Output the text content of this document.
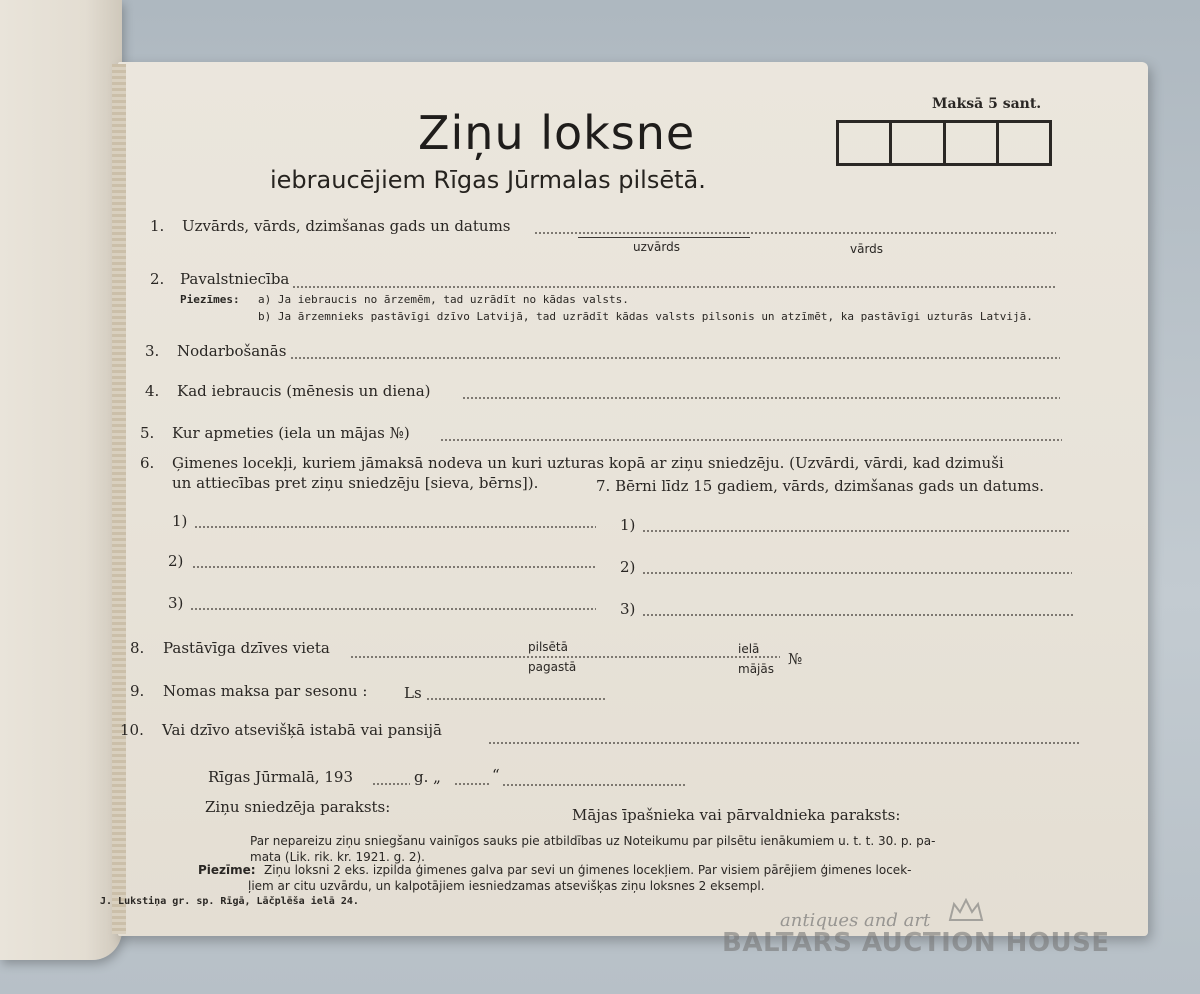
Maksā 5 sant.
Ziņu loksne
iebraucējiem Rīgas Jūrmalas pilsētā.
1. Uzvārds, vārds, dzimšanas gads un datums
uzvārds	vārds
2. Pavalstniecība
Piezīmes: a) Ja iebraucis no ārzemēm, tad uzrādīt no kādas valsts.
b) Ja ārzemnieks pastāvīgi dzīvo Latvijā, tad uzrādīt kādas valsts pilsonis un atzīmēt, ka pastāvīgi uzturās Latvijā.
3. Nodarbošanās
4. Kad iebraucis (mēnesis un diena)
5. Kur apmeties (iela un mājas №)
6. Ģimenes locekļi, kuriem jāmaksā nodeva un kuri uzturas kopā ar ziņu sniedzēju. (Uzvārdi, vārdi, kad dzimuši
un attiecības pret ziņu sniedzēju [sieva, bērns]).	7. Bērni līdz 15 gadiem, vārds, dzimšanas gads un datums.
1)
2)
3)
1)
2)
3)
8. Pastāvīga dzīves vieta	pilsētā
pagastā
ielā
mājās
№
9. Nomas maksa par sesonu : Ls
10. Vai dzīvo atsevišķā istabā vai pansijā
Rīgas Jūrmalā, 193	g. „	“
Ziņu sniedzēja paraksts:	Mājas īpašnieka vai pārvaldnieka paraksts:
Par nepareizu ziņu sniegšanu vainīgos sauks pie atbildības uz Noteikumu par pilsētu ienākumiem u. t. t. 30. p. pa-
mata (Lik. rik. kr. 1921. g. 2).
Piezīme: Ziņu loksni 2 eks. izpilda ģimenes galva par sevi un ģimenes locekļiem. Par visiem pārējiem ģimenes locek-
ļiem ar citu uzvārdu, un kalpotājiem iesniedzamas atsevišķas ziņu loksnes 2 eksempl.
J. Lukstiņa gr. sp. Rīgā, Lāčplēša ielā 24.
antiques and art
BALTARS AUCTION HOUSE
